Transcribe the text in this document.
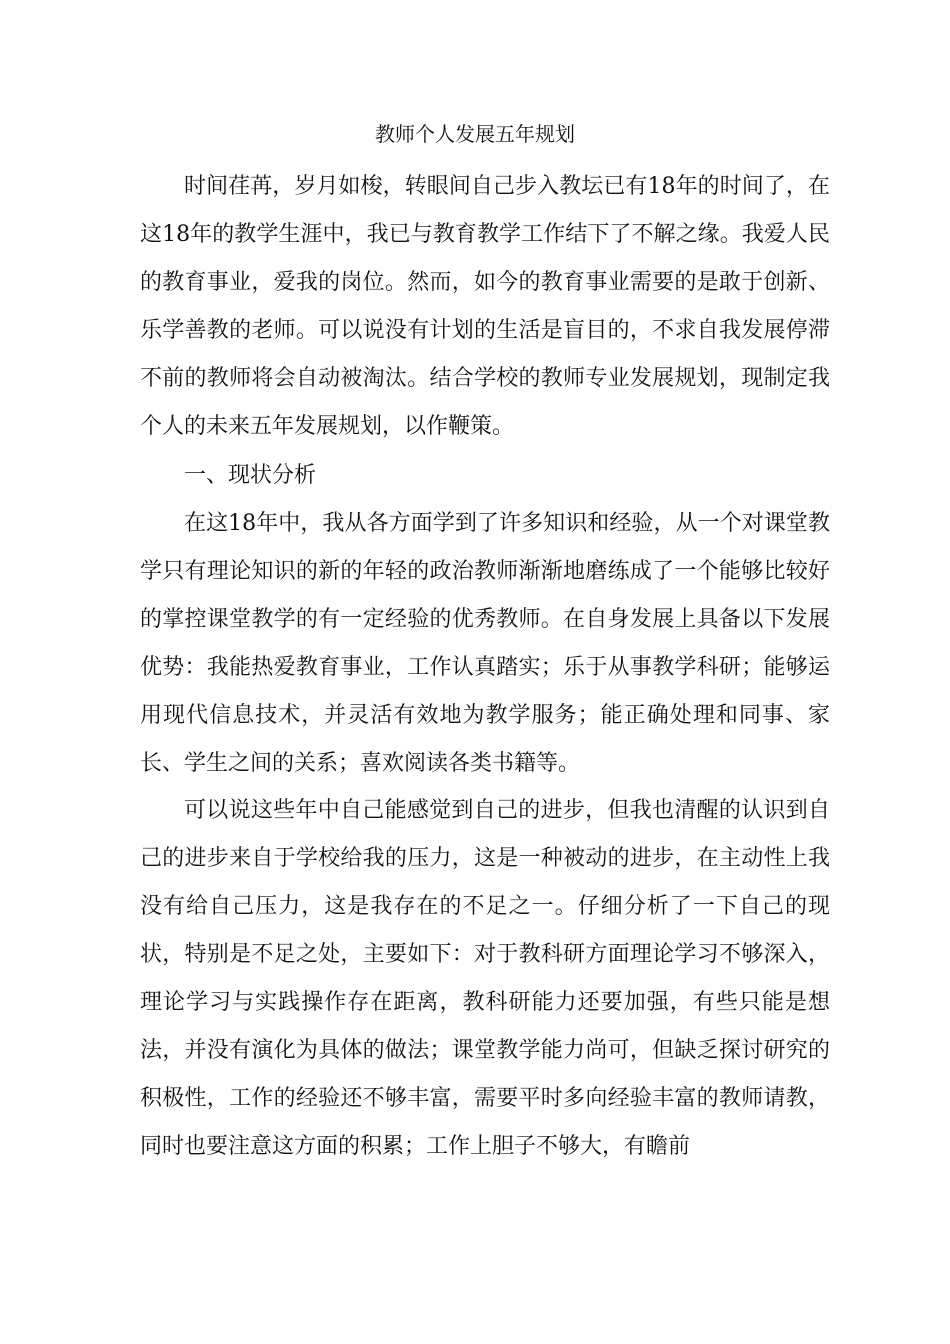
教师个人发展五年规划

时间荏苒，岁月如梭，转眼间自己步入教坛已有18年的时间了，在这18年的教学生涯中，我已与教育教学工作结下了不解之缘。我爱人民的教育事业，爱我的岗位。然而，如今的教育事业需要的是敢于创新、乐学善教的老师。可以说没有计划的生活是盲目的，不求自我发展停滞不前的教师将会自动被淘汰。结合学校的教师专业发展规划，现制定我个人的未来五年发展规划，以作鞭策。

一、现状分析

在这18年中，我从各方面学到了许多知识和经验，从一个对课堂教学只有理论知识的新的年轻的政治教师渐渐地磨练成了一个能够比较好的掌控课堂教学的有一定经验的优秀教师。在自身发展上具备以下发展优势：我能热爱教育事业，工作认真踏实；乐于从事教学科研；能够运用现代信息技术，并灵活有效地为教学服务；能正确处理和同事、家长、学生之间的关系；喜欢阅读各类书籍等。

可以说这些年中自己能感觉到自己的进步，但我也清醒的认识到自己的进步来自于学校给我的压力，这是一种被动的进步，在主动性上我没有给自己压力，这是我存在的不足之一。仔细分析了一下自己的现状，特别是不足之处，主要如下：对于教科研方面理论学习不够深入，理论学习与实践操作存在距离，教科研能力还要加强，有些只能是想法，并没有演化为具体的做法；课堂教学能力尚可，但缺乏探讨研究的积极性，工作的经验还不够丰富，需要平时多向经验丰富的教师请教，同时也要注意这方面的积累；工作上胆子不够大，有瞻前
